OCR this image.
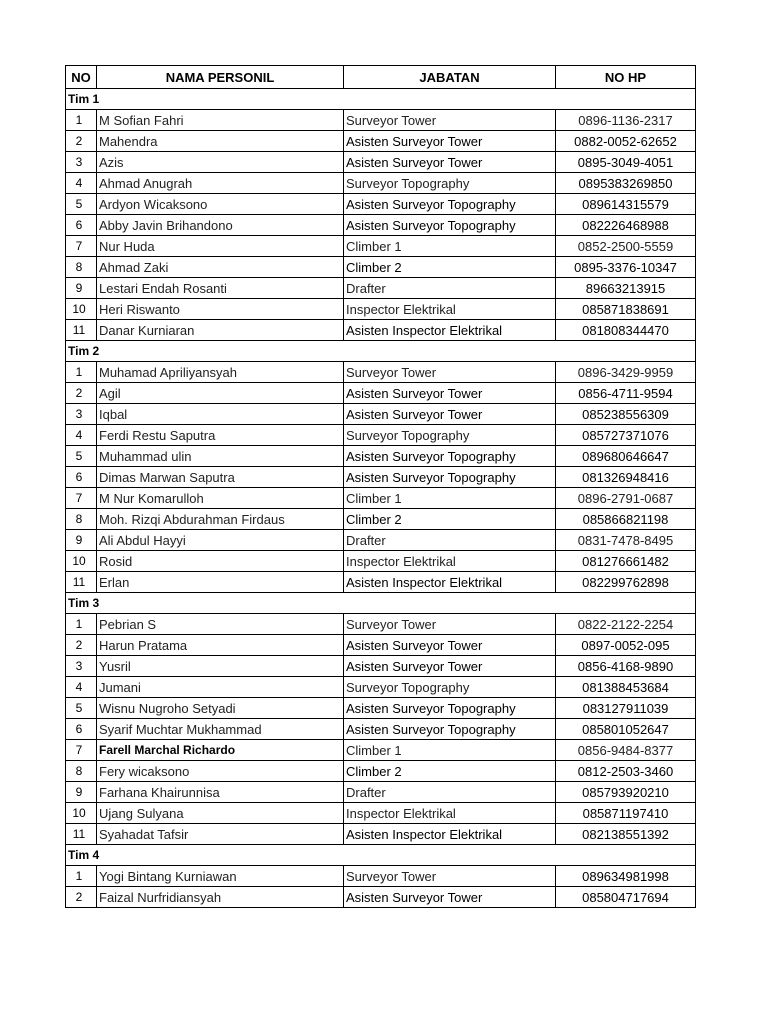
NO	NAMA PERSONIL	JABATAN	NO HP
Tim 1			
1	M Sofian Fahri	Surveyor Tower	0896-1136-2317
2	Mahendra	Asisten Surveyor Tower	0882-0052-62652
3	Azis	Asisten Surveyor Tower	0895-3049-4051
4	Ahmad Anugrah	Surveyor Topography	0895383269850
5	Ardyon Wicaksono	Asisten Surveyor Topography	089614315579
6	Abby Javin Brihandono	Asisten Surveyor Topography	082226468988
7	Nur Huda	Climber 1	0852-2500-5559
8	Ahmad Zaki	Climber 2	0895-3376-10347
9	Lestari Endah Rosanti	Drafter	89663213915
10	Heri Riswanto	Inspector Elektrikal	085871838691
11	Danar Kurniaran	Asisten Inspector Elektrikal	081808344470
Tim 2			
1	Muhamad Apriliyansyah	Surveyor Tower	0896-3429-9959
2	Agil	Asisten Surveyor Tower	0856-4711-9594
3	Iqbal	Asisten Surveyor Tower	085238556309
4	Ferdi Restu Saputra	Surveyor Topography	085727371076
5	Muhammad ulin	Asisten Surveyor Topography	089680646647
6	Dimas Marwan Saputra	Asisten Surveyor Topography	081326948416
7	M Nur Komarulloh	Climber 1	0896-2791-0687
8	Moh. Rizqi Abdurahman Firdaus	Climber 2	085866821198
9	Ali Abdul Hayyi	Drafter	0831-7478-8495
10	Rosid	Inspector Elektrikal	081276661482
11	Erlan	Asisten Inspector Elektrikal	082299762898
Tim 3			
1	Pebrian S	Surveyor Tower	0822-2122-2254
2	Harun Pratama	Asisten Surveyor Tower	0897-0052-095
3	Yusril	Asisten Surveyor Tower	0856-4168-9890
4	Jumani	Surveyor Topography	081388453684
5	Wisnu Nugroho Setyadi	Asisten Surveyor Topography	083127911039
6	Syarif Muchtar Mukhammad	Asisten Surveyor Topography	085801052647
7	Farell Marchal Richardo	Climber 1	0856-9484-8377
8	Fery wicaksono	Climber 2	0812-2503-3460
9	Farhana Khairunnisa	Drafter	085793920210
10	Ujang Sulyana	Inspector Elektrikal	085871197410
11	Syahadat Tafsir	Asisten Inspector Elektrikal	082138551392
Tim 4			
1	Yogi Bintang Kurniawan	Surveyor Tower	089634981998
2	Faizal Nurfridiansyah	Asisten Surveyor Tower	085804717694
